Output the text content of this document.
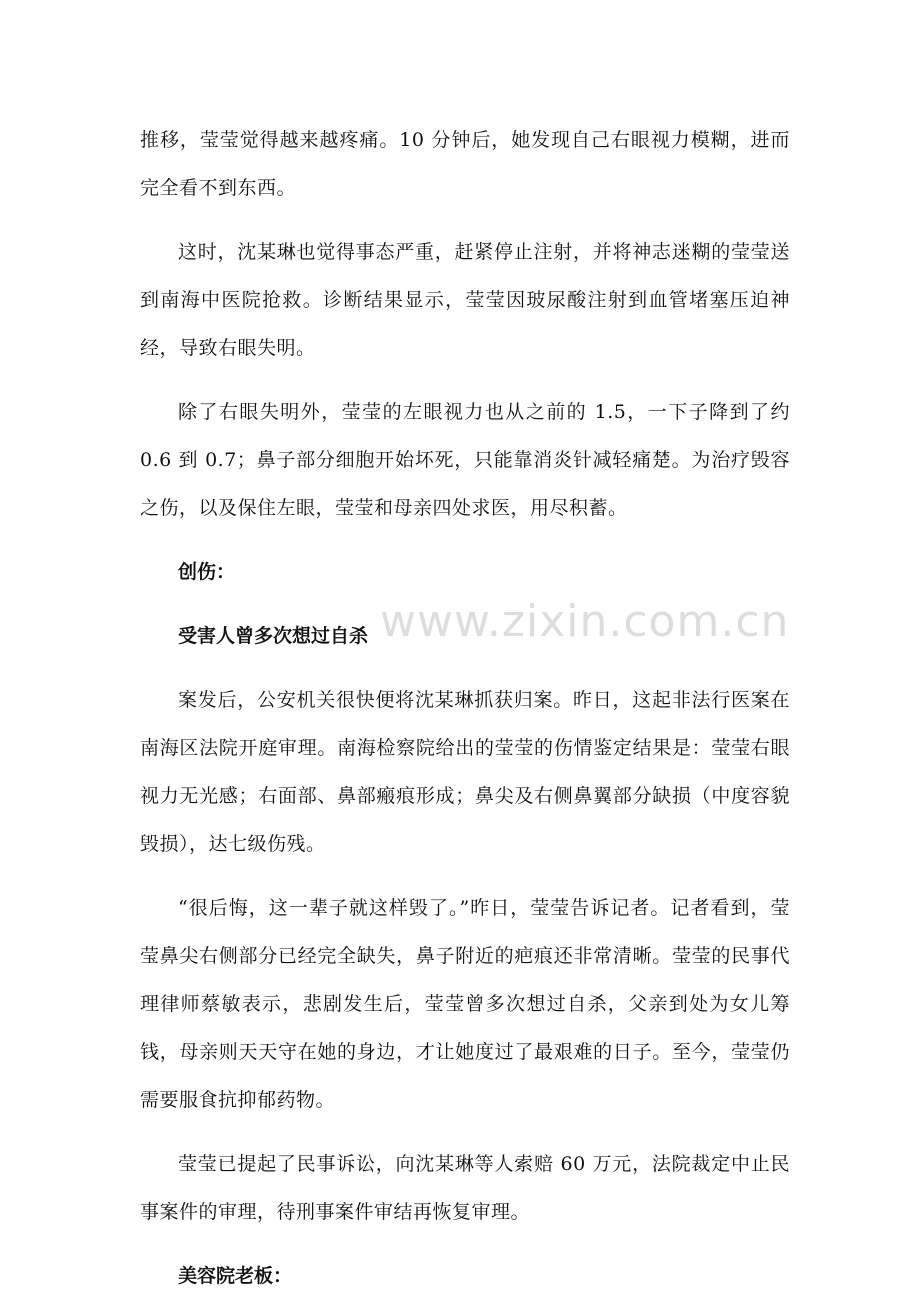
推移，莹莹觉得越来越疼痛。10 分钟后，她发现自己右眼视力模糊，进而完全看不到东西。

这时，沈某琳也觉得事态严重，赶紧停止注射，并将神志迷糊的莹莹送到南海中医院抢救。诊断结果显示，莹莹因玻尿酸注射到血管堵塞压迫神经，导致右眼失明。

除了右眼失明外，莹莹的左眼视力也从之前的 1.5，一下子降到了约 0.6 到 0.7；鼻子部分细胞开始坏死，只能靠消炎针减轻痛楚。为治疗毁容之伤，以及保住左眼，莹莹和母亲四处求医，用尽积蓄。

创伤：

受害人曾多次想过自杀

案发后，公安机关很快便将沈某琳抓获归案。昨日，这起非法行医案在南海区法院开庭审理。南海检察院给出的莹莹的伤情鉴定结果是：莹莹右眼视力无光感；右面部、鼻部瘢痕形成；鼻尖及右侧鼻翼部分缺损（中度容貌毁损），达七级伤残。

“很后悔，这一辈子就这样毁了。”昨日，莹莹告诉记者。记者看到，莹莹鼻尖右侧部分已经完全缺失，鼻子附近的疤痕还非常清晰。莹莹的民事代理律师蔡敏表示，悲剧发生后，莹莹曾多次想过自杀，父亲到处为女儿筹钱，母亲则天天守在她的身边，才让她度过了最艰难的日子。至今，莹莹仍需要服食抗抑郁药物。

莹莹已提起了民事诉讼，向沈某琳等人索赔 60 万元，法院裁定中止民事案件的审理，待刑事案件审结再恢复审理。

美容院老板：

www.zixin.com.cn
